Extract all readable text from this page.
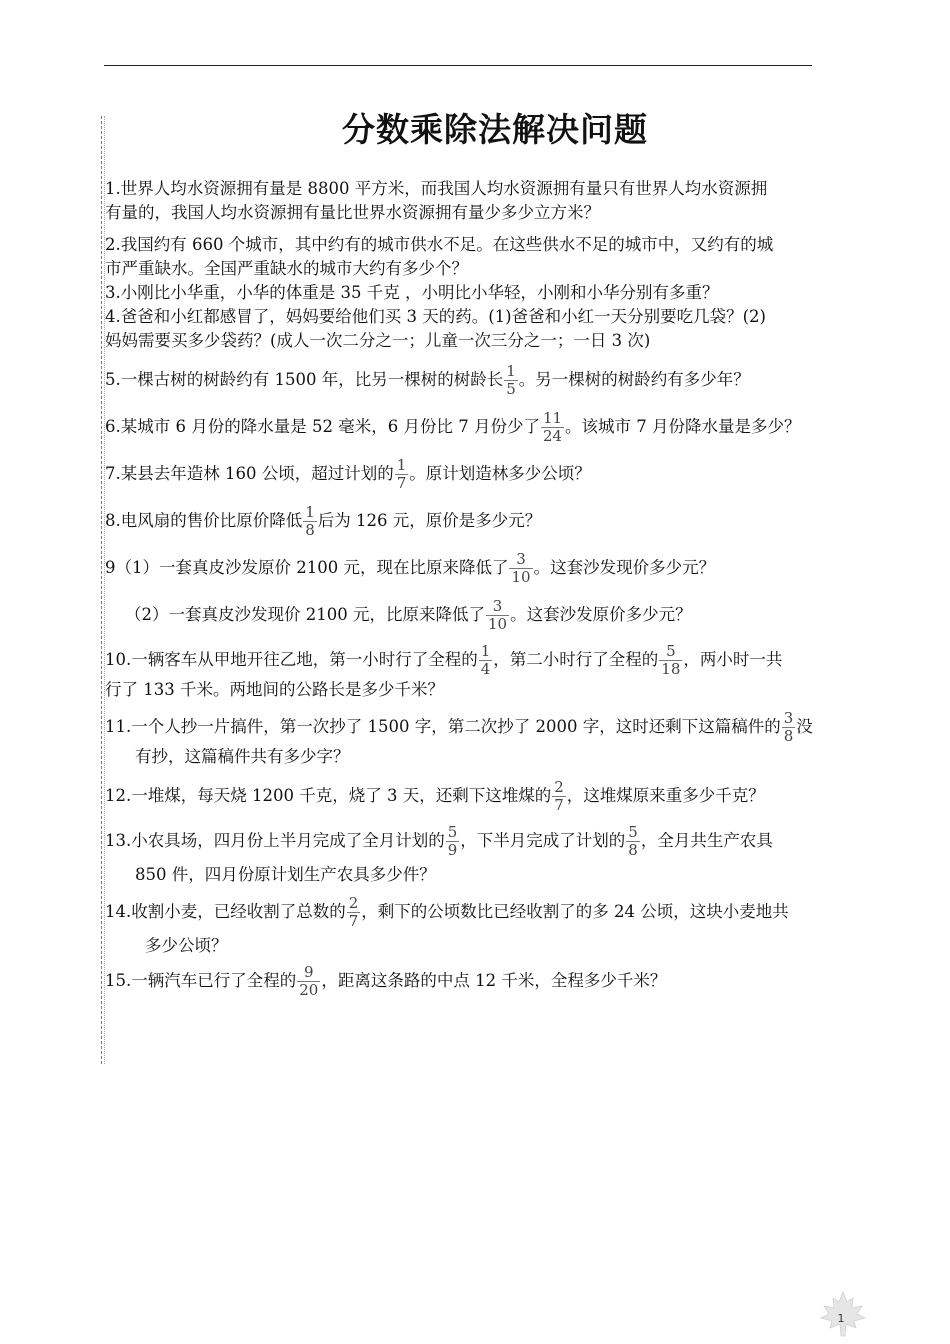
分数乘除法解决问题
1.世界人均水资源拥有量是 8800 平方米，而我国人均水资源拥有量只有世界人均水资源拥
有量的，我国人均水资源拥有量比世界水资源拥有量少多少立方米？
2.我国约有 660 个城市，其中约有的城市供水不足。在这些供水不足的城市中，又约有的城
市严重缺水。全国严重缺水的城市大约有多少个？
3.小刚比小华重，小华的体重是 35 千克 ，小明比小华轻，小刚和小华分别有多重？
4.爸爸和小红都感冒了，妈妈要给他们买 3 天的药。(1)爸爸和小红一天分别要吃几袋？(2)
妈妈需要买多少袋药？(成人一次二分之一；儿童一次三分之一；一日 3 次)
5.一棵古树的树龄约有 1500 年，比另一棵树的树龄长 $\frac{1}{5}$ 。另一棵树的树龄约有多少年？
6.某城市 6 月份的降水量是 52 毫米，6 月份比 7 月份少了 $\frac{11}{24}$ 。该城市 7 月份降水量是多少？
7.某县去年造林 160 公顷，超过计划的 $\frac{1}{7}$ 。原计划造林多少公顷？
8.电风扇的售价比原价降低 $\frac{1}{8}$ 后为 126 元，原价是多少元？
9（1）一套真皮沙发原价 2100 元，现在比原来降低了 $\frac{3}{10}$ 。这套沙发现价多少元？
（2）一套真皮沙发现价 2100 元，比原来降低了 $\frac{3}{10}$ 。这套沙发原价多少元？
10.一辆客车从甲地开往乙地，第一小时行了全程的 $\frac{1}{4}$ ，第二小时行了全程的 $\frac{5}{18}$ ，两小时一共
行了 133 千米。两地间的公路长是多少千米？
11.一个人抄一片搞件，第一次抄了 1500 字，第二次抄了 2000 字，这时还剩下这篇稿件的 $\frac{3}{8}$ 没
有抄，这篇稿件共有多少字？
12.一堆煤，每天烧 1200 千克，烧了 3 天，还剩下这堆煤的 $\frac{2}{7}$ ，这堆煤原来重多少千克？
13.小农具场，四月份上半月完成了全月计划的 $\frac{5}{9}$ ，下半月完成了计划的 $\frac{5}{8}$ ，全月共生产农具
850 件，四月份原计划生产农具多少件？
14.收割小麦，已经收割了总数的 $\frac{2}{7}$ ，剩下的公顷数比已经收割了的多 24 公顷，这块小麦地共
多少公顷？
15.一辆汽车已行了全程的 $\frac{9}{20}$ ，距离这条路的中点 12 千米，全程多少千米？
1
